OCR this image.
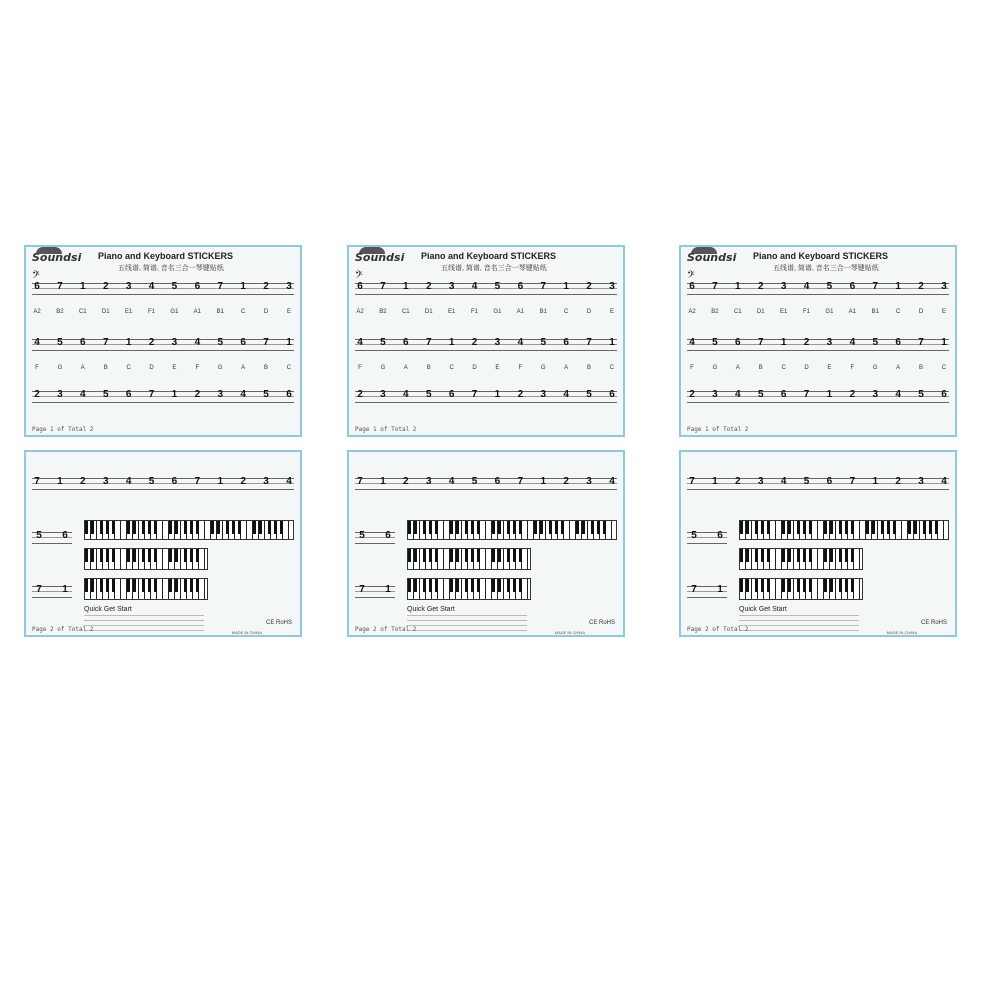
Soundsi Piano and Keyboard STICKERS
五线谱, 简谱, 音名三合一琴键贴纸
𝄢
6 7 1 2 3 4 5 6 7 1 2 3
A2	B2	C1	D1	E1	F1	G1	A1	B1	C	D	E
4 5 6 7 1 2 3 4 5 6 7 1
F	G	A	B	C	D	E	F	G	A	B	C
2 3 4 5 6 7 1 2 3 4 5 6
Page 1 of Total 2
7 1 2 3 4 5 6 7 1 2 3 4
5 6
7 1

Quick Get Start
CE RoHS
MADE IN CHINA
Page 2 of Total 2
Soundsi Piano and Keyboard STICKERS
五线谱, 简谱, 音名三合一琴键贴纸
𝄢
6 7 1 2 3 4 5 6 7 1 2 3
A2	B2	C1	D1	E1	F1	G1	A1	B1	C	D	E
4 5 6 7 1 2 3 4 5 6 7 1
F	G	A	B	C	D	E	F	G	A	B	C
2 3 4 5 6 7 1 2 3 4 5 6
Page 1 of Total 2
7 1 2 3 4 5 6 7 1 2 3 4
5 6
7 1

Quick Get Start
CE RoHS
MADE IN CHINA
Page 2 of Total 2
Soundsi Piano and Keyboard STICKERS
五线谱, 简谱, 音名三合一琴键贴纸
𝄢
6 7 1 2 3 4 5 6 7 1 2 3
A2	B2	C1	D1	E1	F1	G1	A1	B1	C	D	E
4 5 6 7 1 2 3 4 5 6 7 1
F	G	A	B	C	D	E	F	G	A	B	C
2 3 4 5 6 7 1 2 3 4 5 6
Page 1 of Total 2
7 1 2 3 4 5 6 7 1 2 3 4
5 6
7 1

Quick Get Start
CE RoHS
MADE IN CHINA
Page 2 of Total 2
